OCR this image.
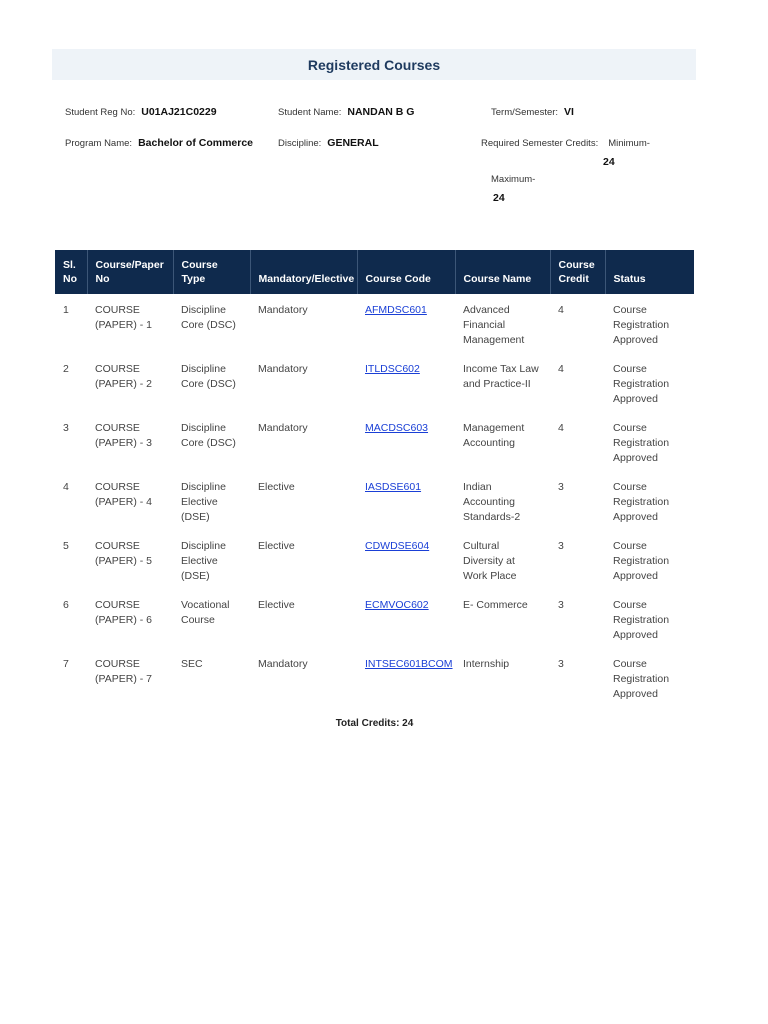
Registered Courses
Student Reg No: U01AJ21C0229	Student Name: NANDAN B G	Term/Semester: VI
Program Name: Bachelor of Commerce	Discipline: GENERAL	Required Semester Credits: Minimum-
24
Maximum-
24
Sl. No	Course/Paper No	Course Type	Mandatory/Elective	Course Code	Course Name	Course Credit	Status
1	COURSE (PAPER) - 1	Discipline Core (DSC)	Mandatory	AFMDSC601	Advanced Financial Management	4	Course Registration Approved
2	COURSE (PAPER) - 2	Discipline Core (DSC)	Mandatory	ITLDSC602	Income Tax Law and Practice-II	4	Course Registration Approved
3	COURSE (PAPER) - 3	Discipline Core (DSC)	Mandatory	MACDSC603	Management Accounting	4	Course Registration Approved
4	COURSE (PAPER) - 4	Discipline Elective (DSE)	Elective	IASDSE601	Indian Accounting Standards-2	3	Course Registration Approved
5	COURSE (PAPER) - 5	Discipline Elective (DSE)	Elective	CDWDSE604	Cultural Diversity at Work Place	3	Course Registration Approved
6	COURSE (PAPER) - 6	Vocational Course	Elective	ECMVOC602	E- Commerce	3	Course Registration Approved
7	COURSE (PAPER) - 7	SEC	Mandatory	INTSEC601BCOM	Internship	3	Course Registration Approved
Total Credits: 24
